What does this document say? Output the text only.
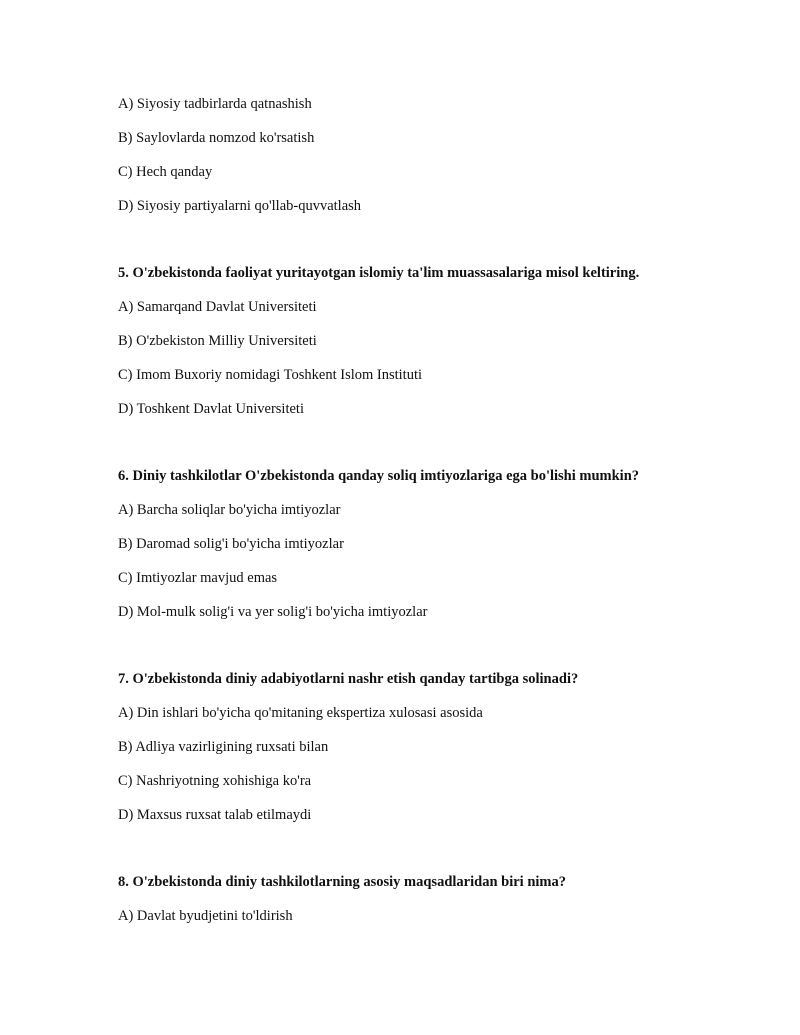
A) Siyosiy tadbirlarda qatnashish
B) Saylovlarda nomzod ko'rsatish
C) Hech qanday
D) Siyosiy partiyalarni qo'llab-quvvatlash
5. O'zbekistonda faoliyat yuritayotgan islomiy ta'lim muassasalariga misol keltiring.
A) Samarqand Davlat Universiteti
B) O'zbekiston Milliy Universiteti
C) Imom Buxoriy nomidagi Toshkent Islom Instituti
D) Toshkent Davlat Universiteti
6. Diniy tashkilotlar O'zbekistonda qanday soliq imtiyozlariga ega bo'lishi mumkin?
A) Barcha soliqlar bo'yicha imtiyozlar
B) Daromad solig'i bo'yicha imtiyozlar
C) Imtiyozlar mavjud emas
D) Mol-mulk solig'i va yer solig'i bo'yicha imtiyozlar
7. O'zbekistonda diniy adabiyotlarni nashr etish qanday tartibga solinadi?
A) Din ishlari bo'yicha qo'mitaning ekspertiza xulosasi asosida
B) Adliya vazirligining ruxsati bilan
C) Nashriyotning xohishiga ko'ra
D) Maxsus ruxsat talab etilmaydi
8. O'zbekistonda diniy tashkilotlarning asosiy maqsadlaridan biri nima?
A) Davlat byudjetini to'ldirish
